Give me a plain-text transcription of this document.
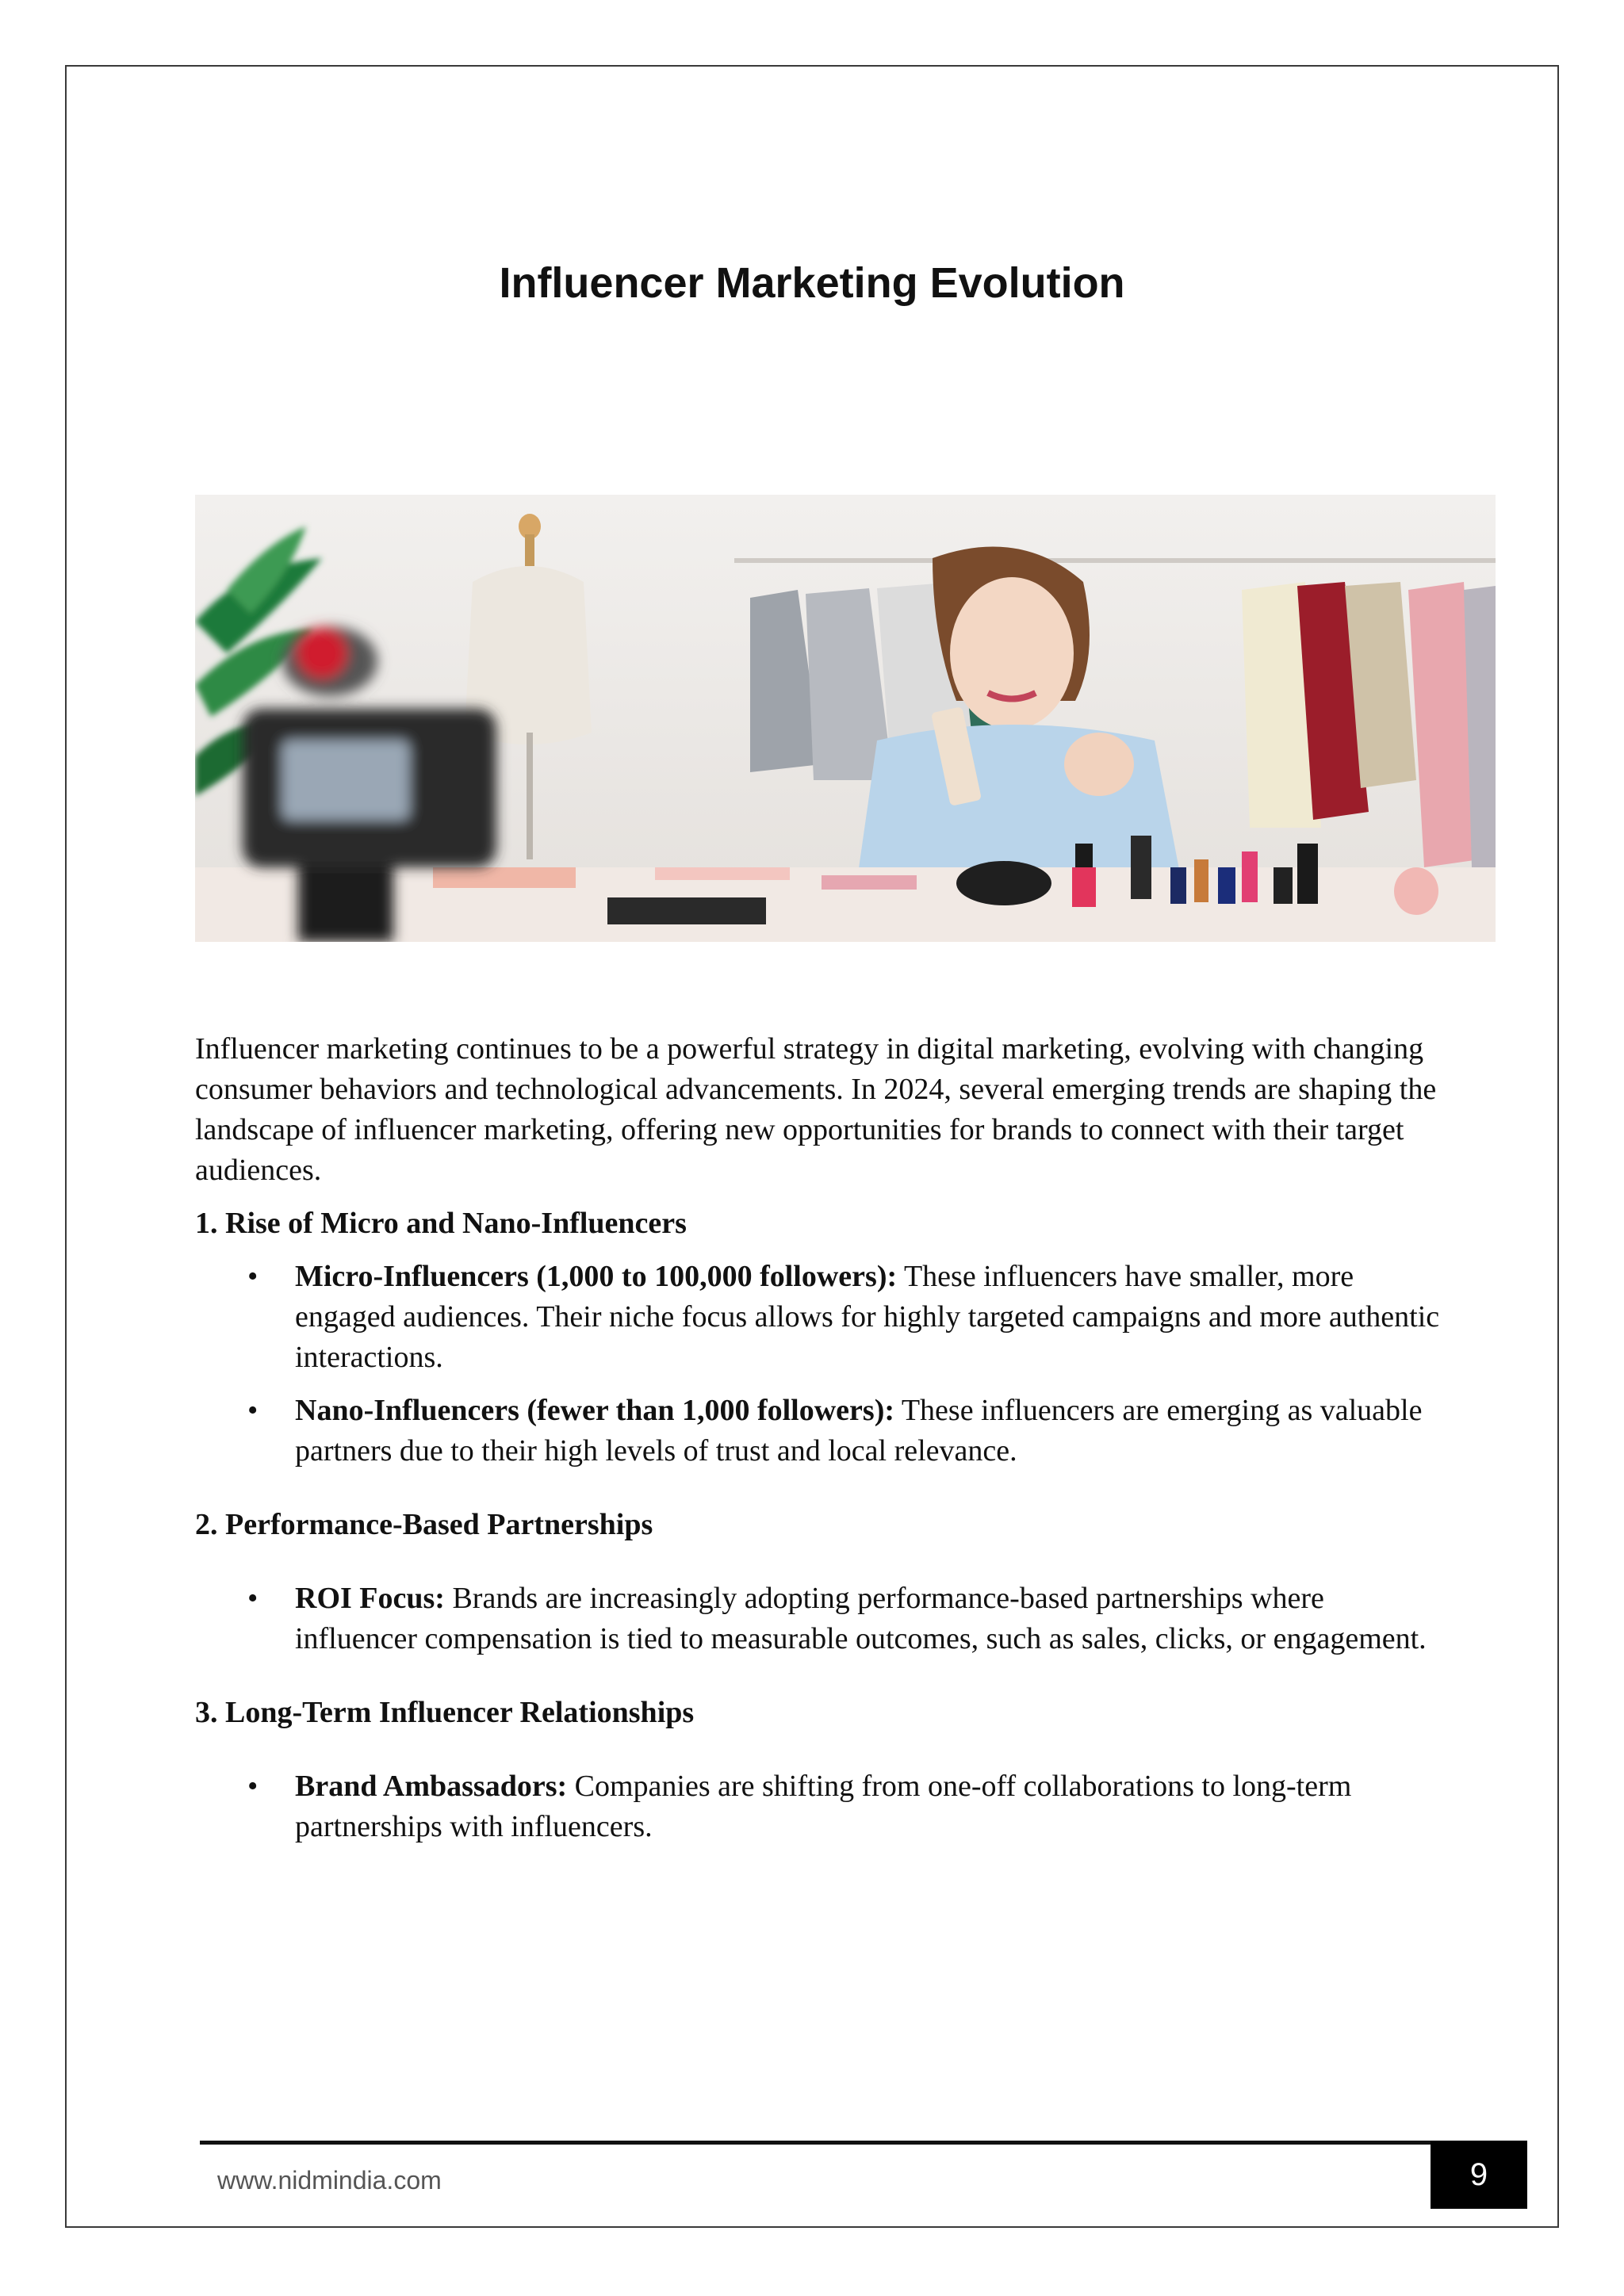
Influencer Marketing Evolution

Influencer marketing continues to be a powerful strategy in digital marketing, evolving with changing consumer behaviors and technological advancements. In 2024, several emerging trends are shaping the landscape of influencer marketing, offering new opportunities for brands to connect with their target audiences.

1. Rise of Micro and Nano-Influencers

• Micro-Influencers (1,000 to 100,000 followers): These influencers have smaller, more engaged audiences. Their niche focus allows for highly targeted campaigns and more authentic interactions.
• Nano-Influencers (fewer than 1,000 followers): These influencers are emerging as valuable partners due to their high levels of trust and local relevance.

2. Performance-Based Partnerships

• ROI Focus: Brands are increasingly adopting performance-based partnerships where influencer compensation is tied to measurable outcomes, such as sales, clicks, or engagement.

3. Long-Term Influencer Relationships

• Brand Ambassadors: Companies are shifting from one-off collaborations to long-term partnerships with influencers.
www.nidmindia.com	9
